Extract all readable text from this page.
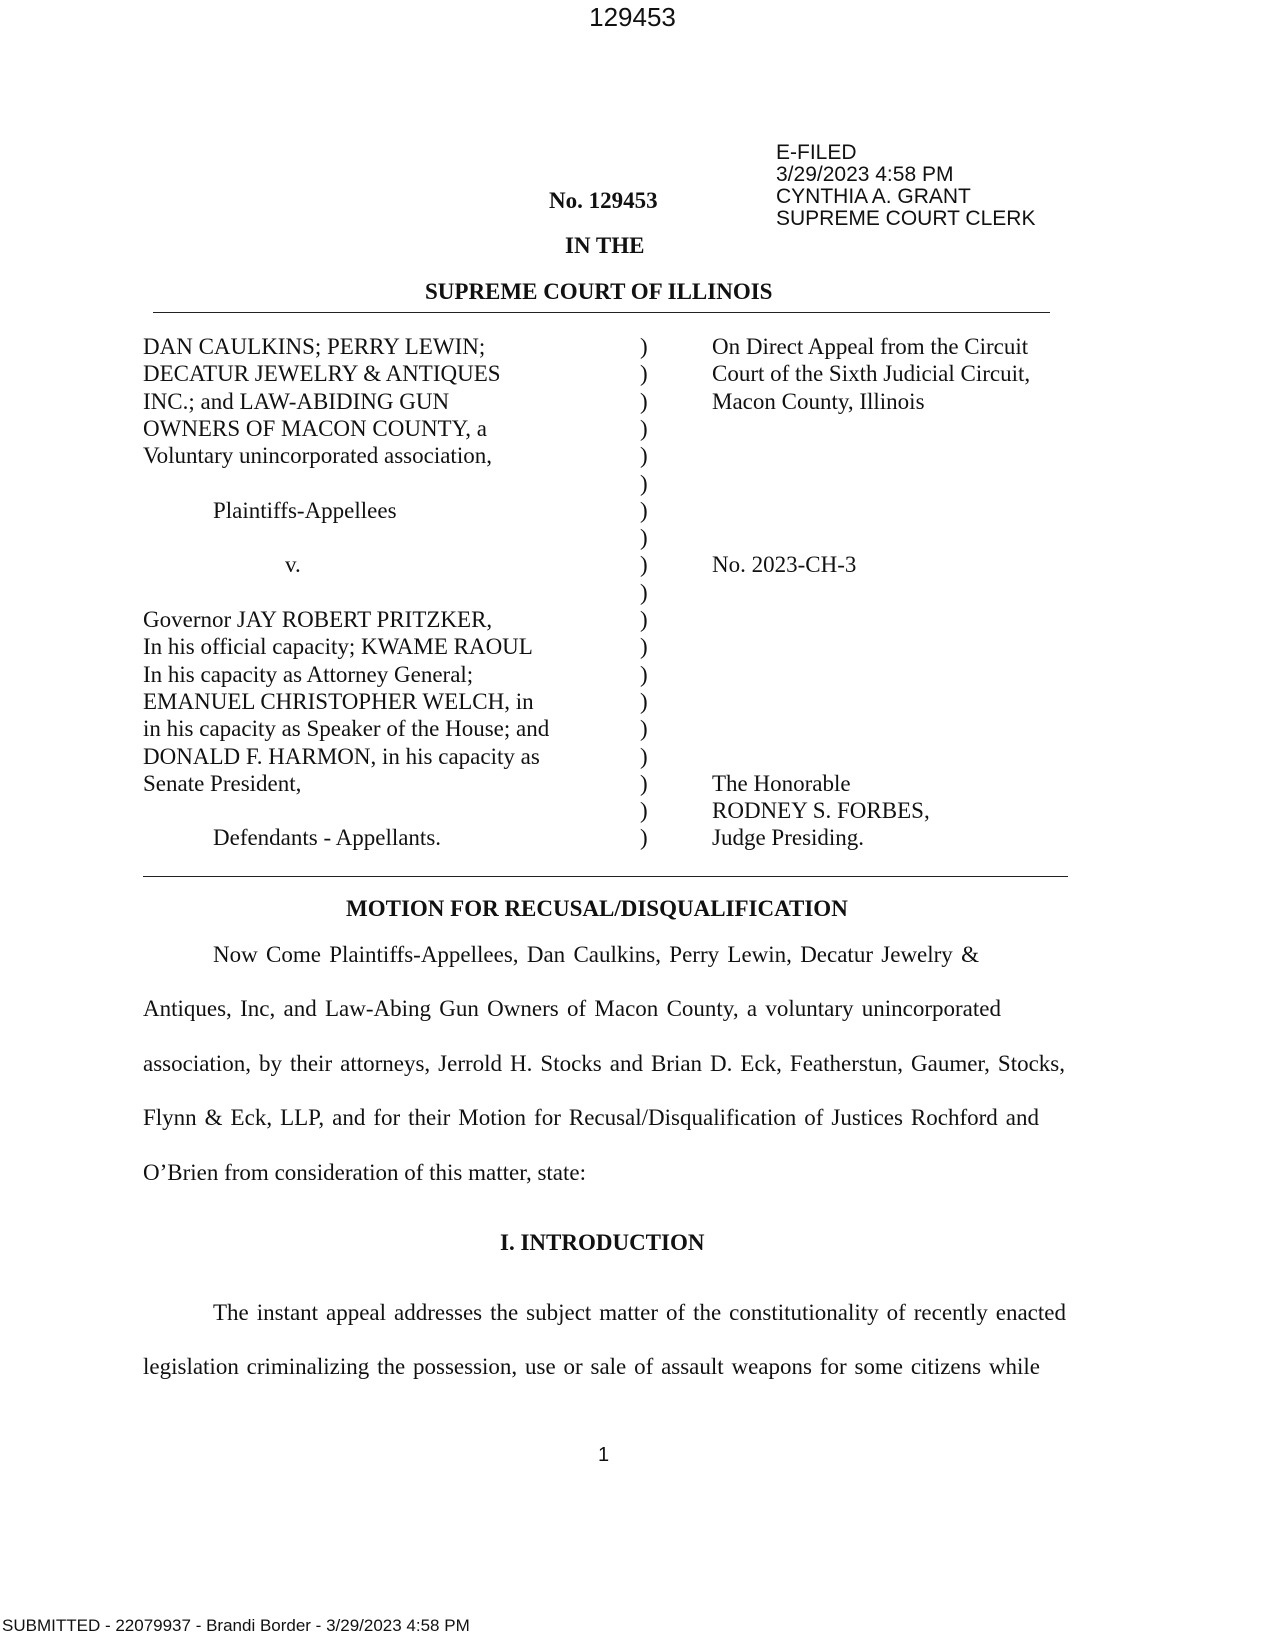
129453
E-FILED
3/29/2023 4:58 PM
CYNTHIA A. GRANT
SUPREME COURT CLERK
No. 129453
IN THE
SUPREME COURT OF ILLINOIS
DAN CAULKINS; PERRY LEWIN;	)	On Direct Appeal from the Circuit
DECATUR JEWELRY & ANTIQUES	)	Court of the Sixth Judicial Circuit,
INC.; and LAW-ABIDING GUN	)	Macon County, Illinois
OWNERS OF MACON COUNTY, a	)
Voluntary unincorporated association,	)
)
Plaintiffs-Appellees	)
)
v.	)	No. 2023-CH-3
)
Governor JAY ROBERT PRITZKER,	)
In his official capacity; KWAME RAOUL	)
In his capacity as Attorney General;	)
EMANUEL CHRISTOPHER WELCH, in	)
in his capacity as Speaker of the House; and	)
DONALD F. HARMON, in his capacity as	)
Senate President,	)	The Honorable
)	RODNEY S. FORBES,
Defendants - Appellants.	)	Judge Presiding.
MOTION FOR RECUSAL/DISQUALIFICATION
Now Come Plaintiffs-Appellees, Dan Caulkins, Perry Lewin, Decatur Jewelry &
Antiques, Inc, and Law-Abing Gun Owners of Macon County, a voluntary unincorporated
association, by their attorneys, Jerrold H. Stocks and Brian D. Eck, Featherstun, Gaumer, Stocks,
Flynn & Eck, LLP, and for their Motion for Recusal/Disqualification of Justices Rochford and
O’Brien from consideration of this matter, state:
I. INTRODUCTION
The instant appeal addresses the subject matter of the constitutionality of recently enacted
legislation criminalizing the possession, use or sale of assault weapons for some citizens while
1
SUBMITTED - 22079937 - Brandi Border - 3/29/2023 4:58 PM
